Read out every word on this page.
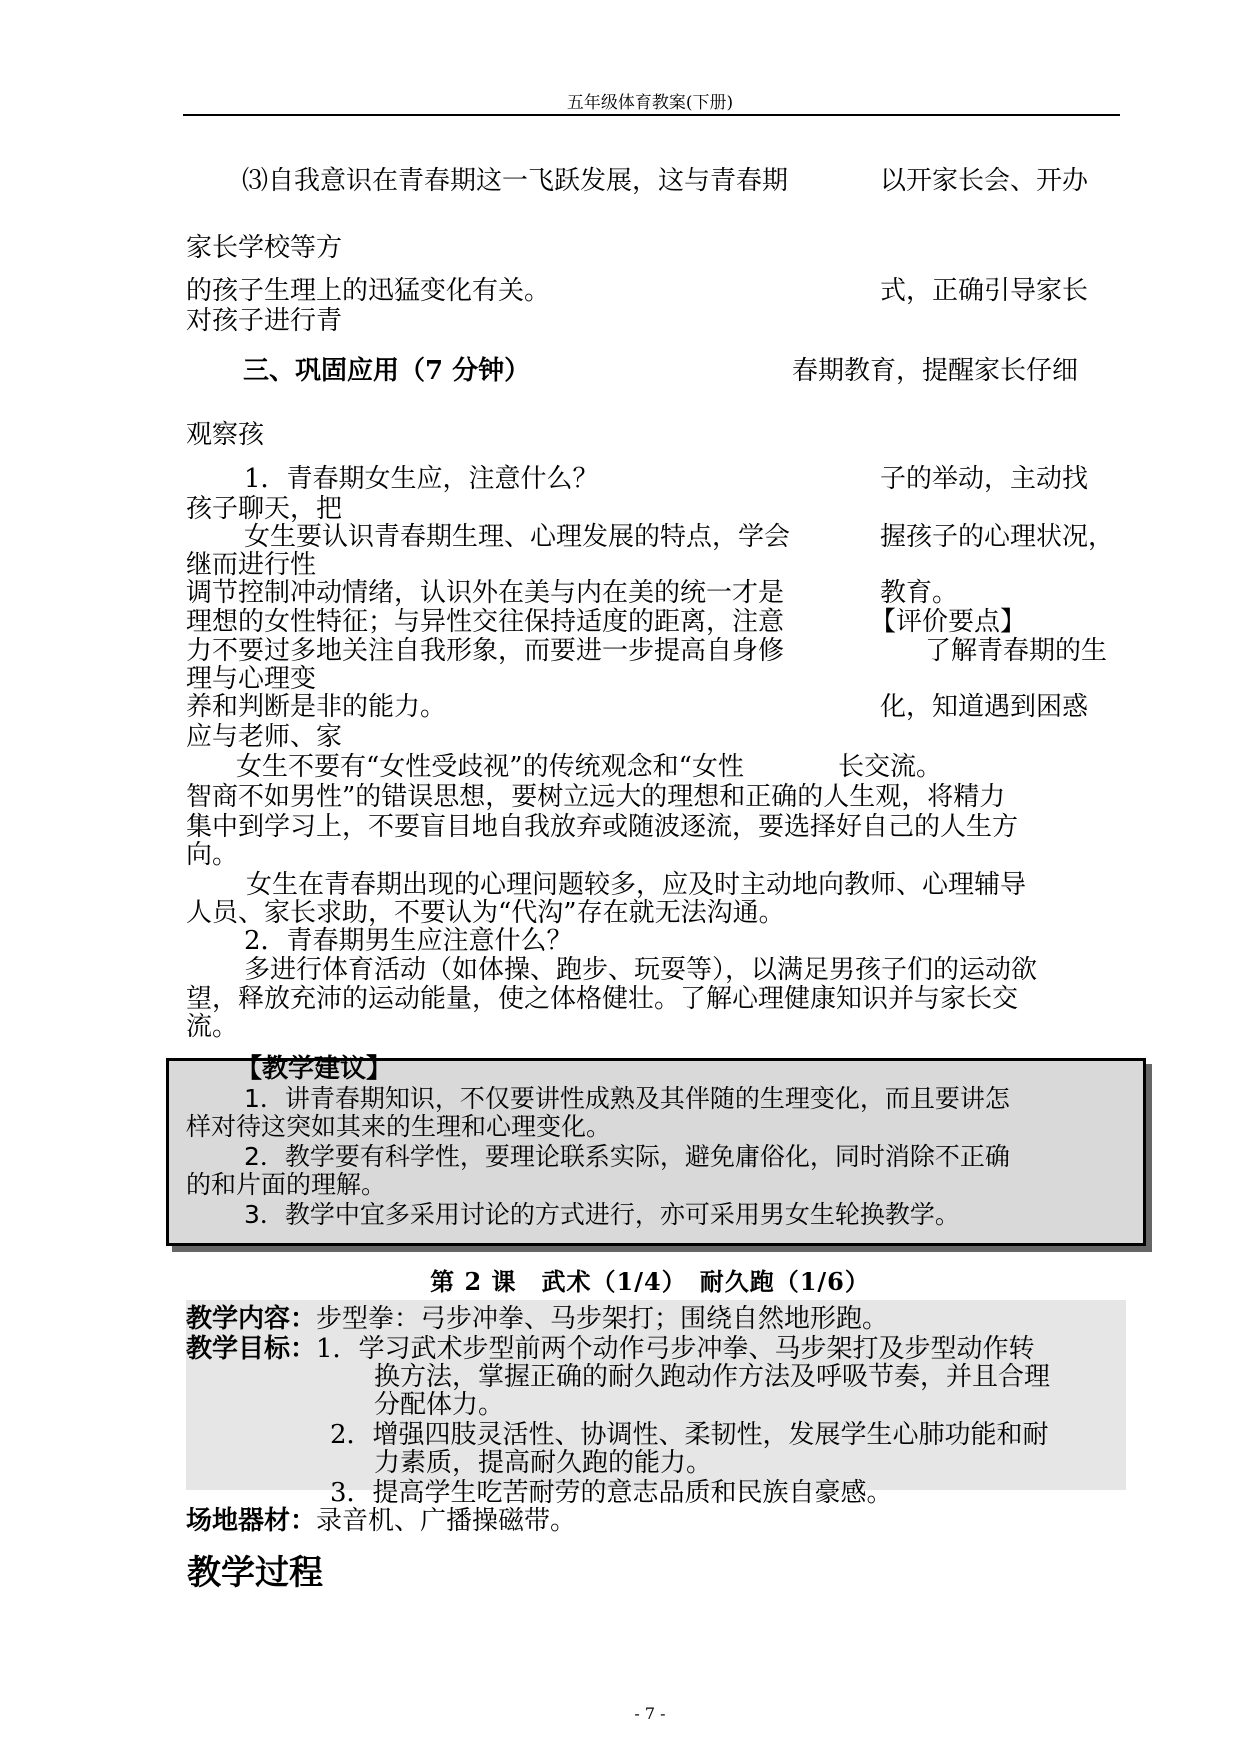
五年级体育教案(下册)
⑶自我意识在青春期这一飞跃发展，这与青春期
家长学校等方
的孩子生理上的迅猛变化有关。
对孩子进行青
三、巩固应用（7 分钟）
观察孩
1．青春期女生应，注意什么？
孩子聊天，把
女生要认识青春期生理、心理发展的特点，学会
继而进行性
调节控制冲动情绪，认识外在美与内在美的统一才是
理想的女性特征；与异性交往保持适度的距离，注意
力不要过多地关注自我形象，而要进一步提高自身修
理与心理变
养和判断是非的能力。
应与老师、家
女生不要有“女性受歧视”的传统观念和“女性
以开家长会、开办
式，正确引导家长
春期教育，提醒家长仔细
子的举动，主动找
握孩子的心理状况，
教育。
【评价要点】
了解青春期的生
化，知道遇到困惑
长交流。
智商不如男性”的错误思想，要树立远大的理想和正确的人生观，将精力
集中到学习上，不要盲目地自我放弃或随波逐流，要选择好自己的人生方
向。
女生在青春期出现的心理问题较多，应及时主动地向教师、心理辅导
人员、家长求助，不要认为“代沟”存在就无法沟通。
2．青春期男生应注意什么？
多进行体育活动（如体操、跑步、玩耍等），以满足男孩子们的运动欲
望，释放充沛的运动能量，使之体格健壮。了解心理健康知识并与家长交
流。
【教学建议】
1．讲青春期知识，不仅要讲性成熟及其伴随的生理变化，而且要讲怎
样对待这突如其来的生理和心理变化。
2．教学要有科学性，要理论联系实际，避免庸俗化，同时消除不正确
的和片面的理解。
3．教学中宜多采用讨论的方式进行，亦可采用男女生轮换教学。
第 2 课　武术（1/4）　耐久跑（1/6）
教学内容：步型拳：弓步冲拳、马步架打；围绕自然地形跑。
教学目标： 1．学习武术步型前两个动作弓步冲拳、马步架打及步型动作转
换方法，掌握正确的耐久跑动作方法及呼吸节奏，并且合理
分配体力。
2．增强四肢灵活性、协调性、柔韧性，发展学生心肺功能和耐
力素质，提高耐久跑的能力。
3．提高学生吃苦耐劳的意志品质和民族自豪感。
场地器材：录音机、广播操磁带。
教学过程
- 7 -
